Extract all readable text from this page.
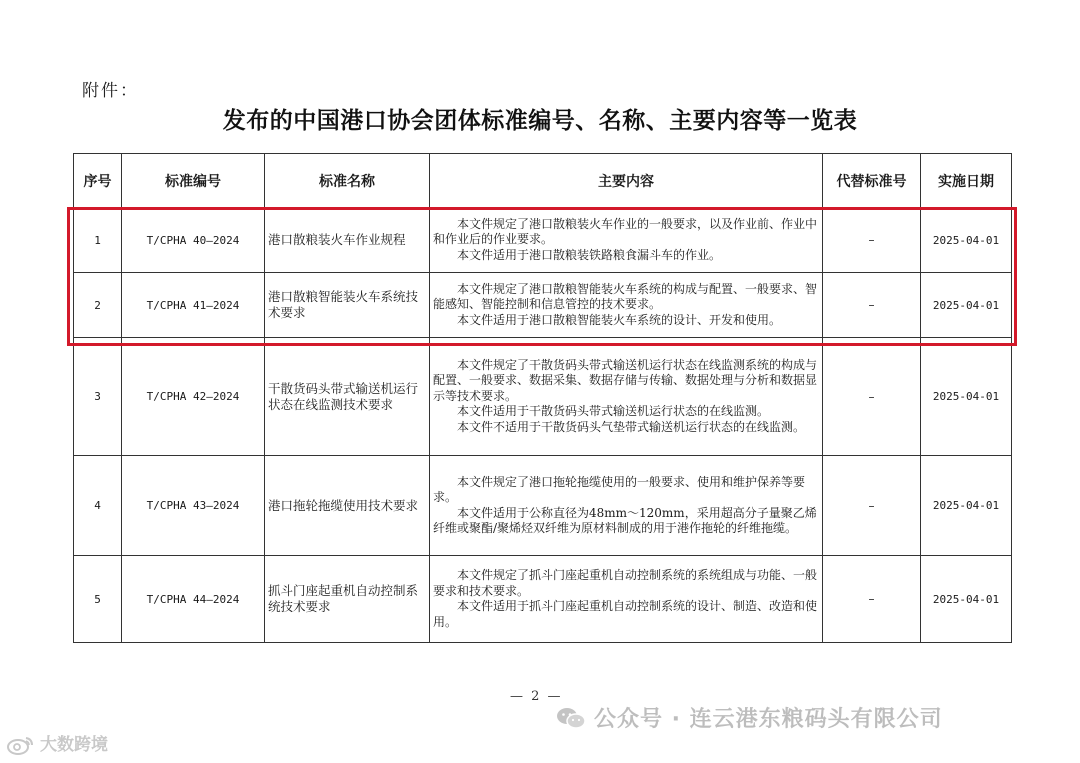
附件：
发布的中国港口协会团体标准编号、名称、主要内容等一览表
序号	标准编号	标准名称	主要内容	代替标准号	实施日期
1	T/CPHA 40—2024	港口散粮装火车作业规程	本文件规定了港口散粮装火车作业的一般要求，以及作业前、作业中和作业后的作业要求。

本文件适用于港口散粮装铁路粮食漏斗车的作业。	–	2025-04-01
2	T/CPHA 41—2024	港口散粮智能装火车系统技术要求	本文件规定了港口散粮智能装火车系统的构成与配置、一般要求、智能感知、智能控制和信息管控的技术要求。

本文件适用于港口散粮智能装火车系统的设计、开发和使用。	–	2025-04-01
3	T/CPHA 42—2024	干散货码头带式输送机运行状态在线监测技术要求	本文件规定了干散货码头带式输送机运行状态在线监测系统的构成与配置、一般要求、数据采集、数据存储与传输、数据处理与分析和数据显示等技术要求。

本文件适用于干散货码头带式输送机运行状态的在线监测。

本文件不适用于干散货码头气垫带式输送机运行状态的在线监测。	–	2025-04-01
4	T/CPHA 43—2024	港口拖轮拖缆使用技术要求	本文件规定了港口拖轮拖缆使用的一般要求、使用和维护保养等要求。

本文件适用于公称直径为48mm～120mm，采用超高分子量聚乙烯纤维或聚酯/聚烯烃双纤维为原材料制成的用于港作拖轮的纤维拖缆。	–	2025-04-01
5	T/CPHA 44—2024	抓斗门座起重机自动控制系统技术要求	本文件规定了抓斗门座起重机自动控制系统的系统组成与功能、一般要求和技术要求。

本文件适用于抓斗门座起重机自动控制系统的设计、制造、改造和使用。	–	2025-04-01
— 2 —
大数跨境
公众号 · 连云港东粮码头有限公司
